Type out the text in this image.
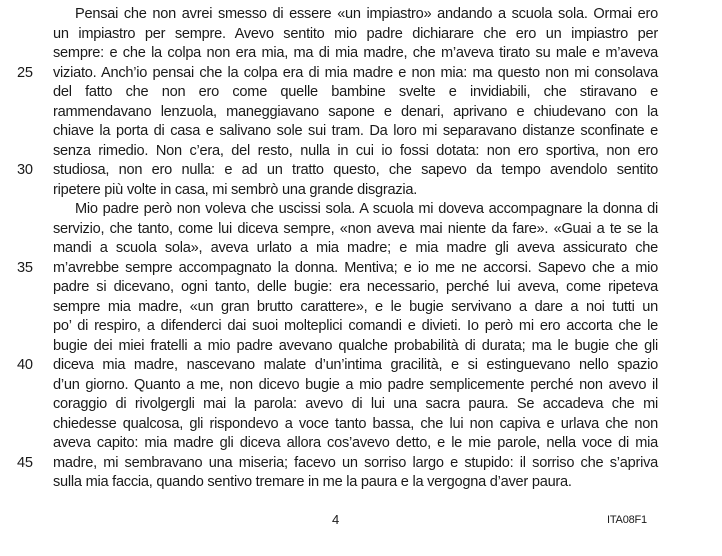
Pensai che non avrei smesso di essere «un impiastro» andando a scuola sola. Ormai ero
un impiastro per sempre. Avevo sentito mio padre dichiarare che ero un impiastro per
sempre: e che la colpa non era mia, ma di mia madre, che m’aveva tirato su male e m’aveva
viziato. Anch’io pensai che la colpa era di mia madre e non mia: ma questo non mi consolava
del fatto che non ero come quelle bambine svelte e invidiabili, che stiravano e
rammendavano lenzuola, maneggiavano sapone e denari, aprivano e chiudevano con la
chiave la porta di casa e salivano sole sui tram. Da loro mi separavano distanze sconfinate e
senza rimedio. Non c’era, del resto, nulla in cui io fossi dotata: non ero sportiva, non ero
studiosa, non ero nulla: e ad un tratto questo, che sapevo da tempo avendolo sentito
ripetere più volte in casa, mi sembrò una grande disgrazia.
Mio padre però non voleva che uscissi sola. A scuola mi doveva accompagnare la donna di
servizio, che tanto, come lui diceva sempre, «non aveva mai niente da fare». «Guai a te se la
mandi a scuola sola», aveva urlato a mia madre; e mia madre gli aveva assicurato che
m’avrebbe sempre accompagnato la donna. Mentiva; e io me ne accorsi. Sapevo che a mio
padre si dicevano, ogni tanto, delle bugie: era necessario, perché lui aveva, come ripeteva
sempre mia madre, «un gran brutto carattere», e le bugie servivano a dare a noi tutti un
po’ di respiro, a difenderci dai suoi molteplici comandi e divieti. Io però mi ero accorta che le
bugie dei miei fratelli a mio padre avevano qualche probabilità di durata; ma le bugie che gli
diceva mia madre, nascevano malate d’un’intima gracilità, e si estinguevano nello spazio
d’un giorno. Quanto a me, non dicevo bugie a mio padre semplicemente perché non avevo il
coraggio di rivolgergli mai la parola: avevo di lui una sacra paura. Se accadeva che mi
chiedesse qualcosa, gli rispondevo a voce tanto bassa, che lui non capiva e urlava che non
aveva capito: mia madre gli diceva allora cos’avevo detto, e le mie parole, nella voce di mia
madre, mi sembravano una miseria; facevo un sorriso largo e stupido: il sorriso che s’apriva
sulla mia faccia, quando sentivo tremare in me la paura e la vergogna d’aver paura.
25
30
35
40
45
4	ITA08F1
